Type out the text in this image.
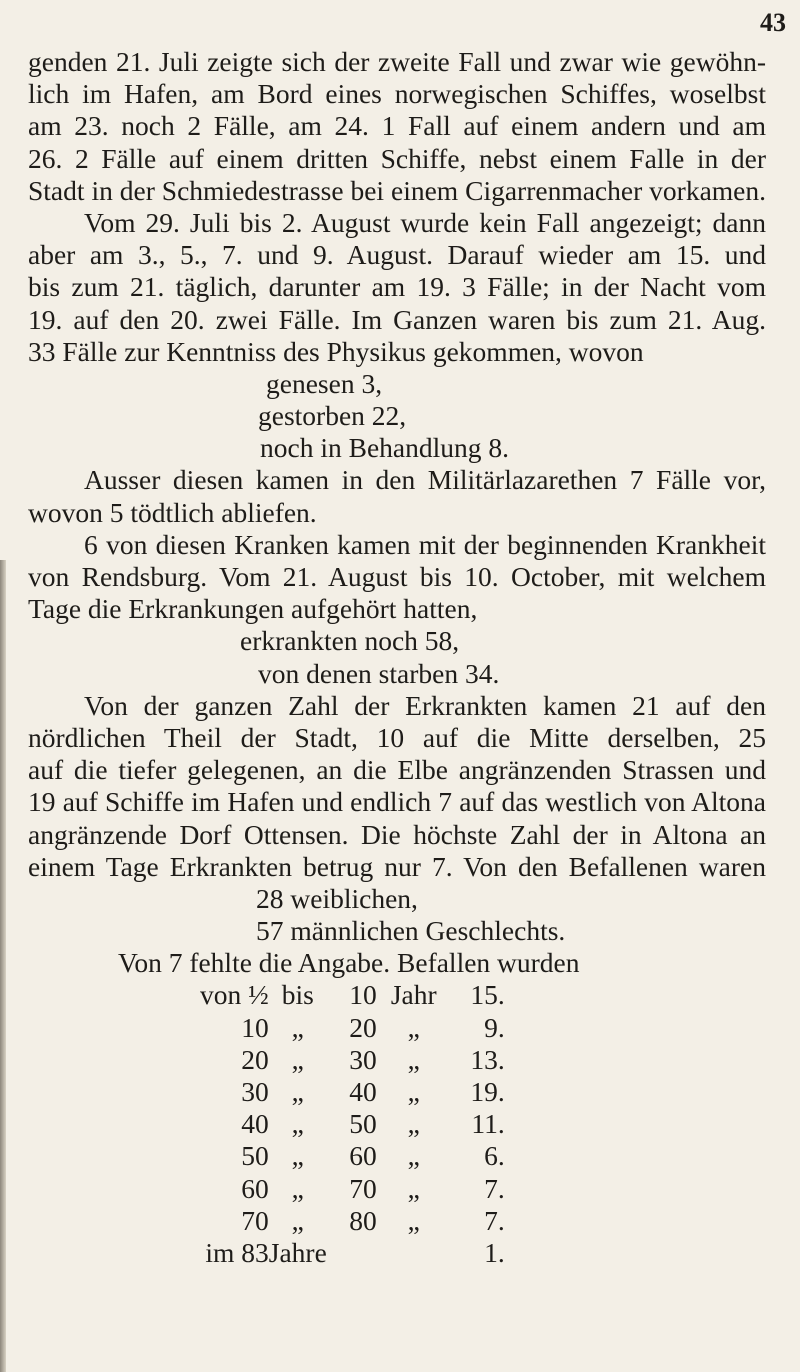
43
genden 21. Juli zeigte sich der zweite Fall und zwar wie gewöhn-
lich im Hafen, am Bord eines norwegischen Schiffes, woselbst
am 23. noch 2 Fälle, am 24. 1 Fall auf einem andern und am
26. 2 Fälle auf einem dritten Schiffe, nebst einem Falle in der
Stadt in der Schmiedestrasse bei einem Cigarrenmacher vorkamen.
Vom 29. Juli bis 2. August wurde kein Fall angezeigt; dann
aber am 3., 5., 7. und 9. August. Darauf wieder am 15. und
bis zum 21. täglich, darunter am 19. 3 Fälle; in der Nacht vom
19. auf den 20. zwei Fälle. Im Ganzen waren bis zum 21. Aug.
33 Fälle zur Kenntniss des Physikus gekommen, wovon
genesen 3,
gestorben 22,
noch in Behandlung 8.
Ausser diesen kamen in den Militärlazarethen 7 Fälle vor,
wovon 5 tödtlich abliefen.
6 von diesen Kranken kamen mit der beginnenden Krankheit
von Rendsburg. Vom 21. August bis 10. October, mit welchem
Tage die Erkrankungen aufgehört hatten,
erkrankten noch 58,
von denen starben 34.
Von der ganzen Zahl der Erkrankten kamen 21 auf den
nördlichen Theil der Stadt, 10 auf die Mitte derselben, 25
auf die tiefer gelegenen, an die Elbe angränzenden Strassen und
19 auf Schiffe im Hafen und endlich 7 auf das westlich von Altona
angränzende Dorf Ottensen. Die höchste Zahl der in Altona an
einem Tage Erkrankten betrug nur 7. Von den Befallenen waren
28 weiblichen,
57 männlichen Geschlechts.
Von 7 fehlte die Angabe. Befallen wurden
von ½	bis	10	Jahr	15.
10	„	20	„	9.
20	„	30	„	13.
30	„	40	„	19.
40	„	50	„	11.
50	„	60	„	6.
60	„	70	„	7.
70	„	80	„	7.
im 83	Jahre			1.
